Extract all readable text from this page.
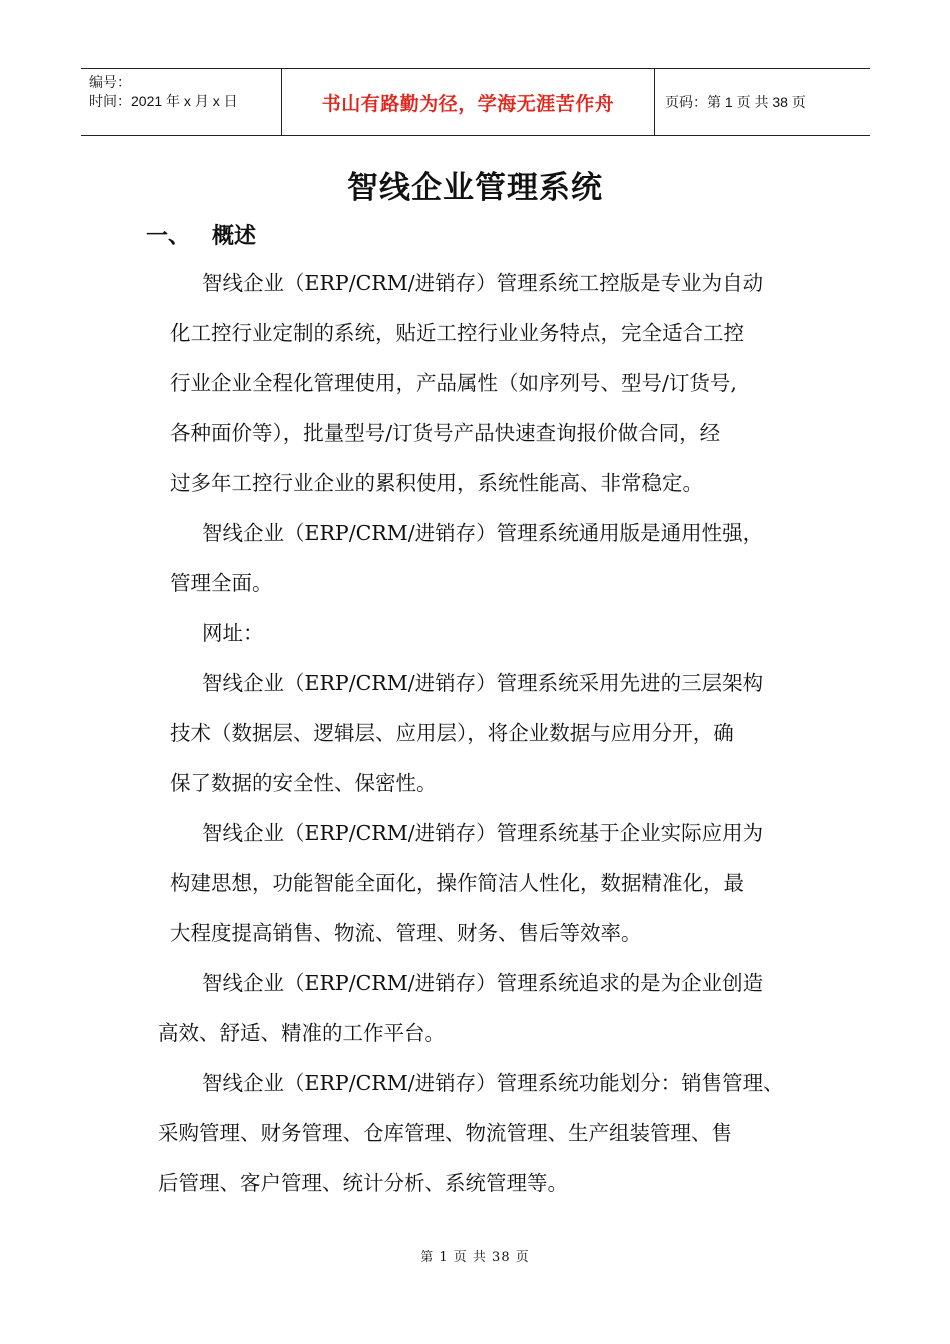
编号：
时间：2021 年 x 月 x 日	书山有路勤为径，学海无涯苦作舟	页码：第 1 页 共 38 页
智线企业管理系统
一、 概述

智线企业（ERP/CRM/进销存）管理系统工控版是专业为自动
化工控行业定制的系统，贴近工控行业业务特点，完全适合工控
行业企业全程化管理使用，产品属性（如序列号、型号/订货号,
各种面价等），批量型号/订货号产品快速查询报价做合同，经
过多年工控行业企业的累积使用，系统性能高、非常稳定。

智线企业（ERP/CRM/进销存）管理系统通用版是通用性强，
管理全面。

网址：

智线企业（ERP/CRM/进销存）管理系统采用先进的三层架构
技术（数据层、逻辑层、应用层），将企业数据与应用分开，确
保了数据的安全性、保密性。

智线企业（ERP/CRM/进销存）管理系统基于企业实际应用为
构建思想，功能智能全面化，操作简洁人性化，数据精准化，最
大程度提高销售、物流、管理、财务、售后等效率。

智线企业（ERP/CRM/进销存）管理系统追求的是为企业创造
高效、舒适、精准的工作平台。

智线企业（ERP/CRM/进销存）管理系统功能划分：销售管理、
采购管理、财务管理、仓库管理、物流管理、生产组装管理、售
后管理、客户管理、统计分析、系统管理等。

第 1 页 共 38 页
